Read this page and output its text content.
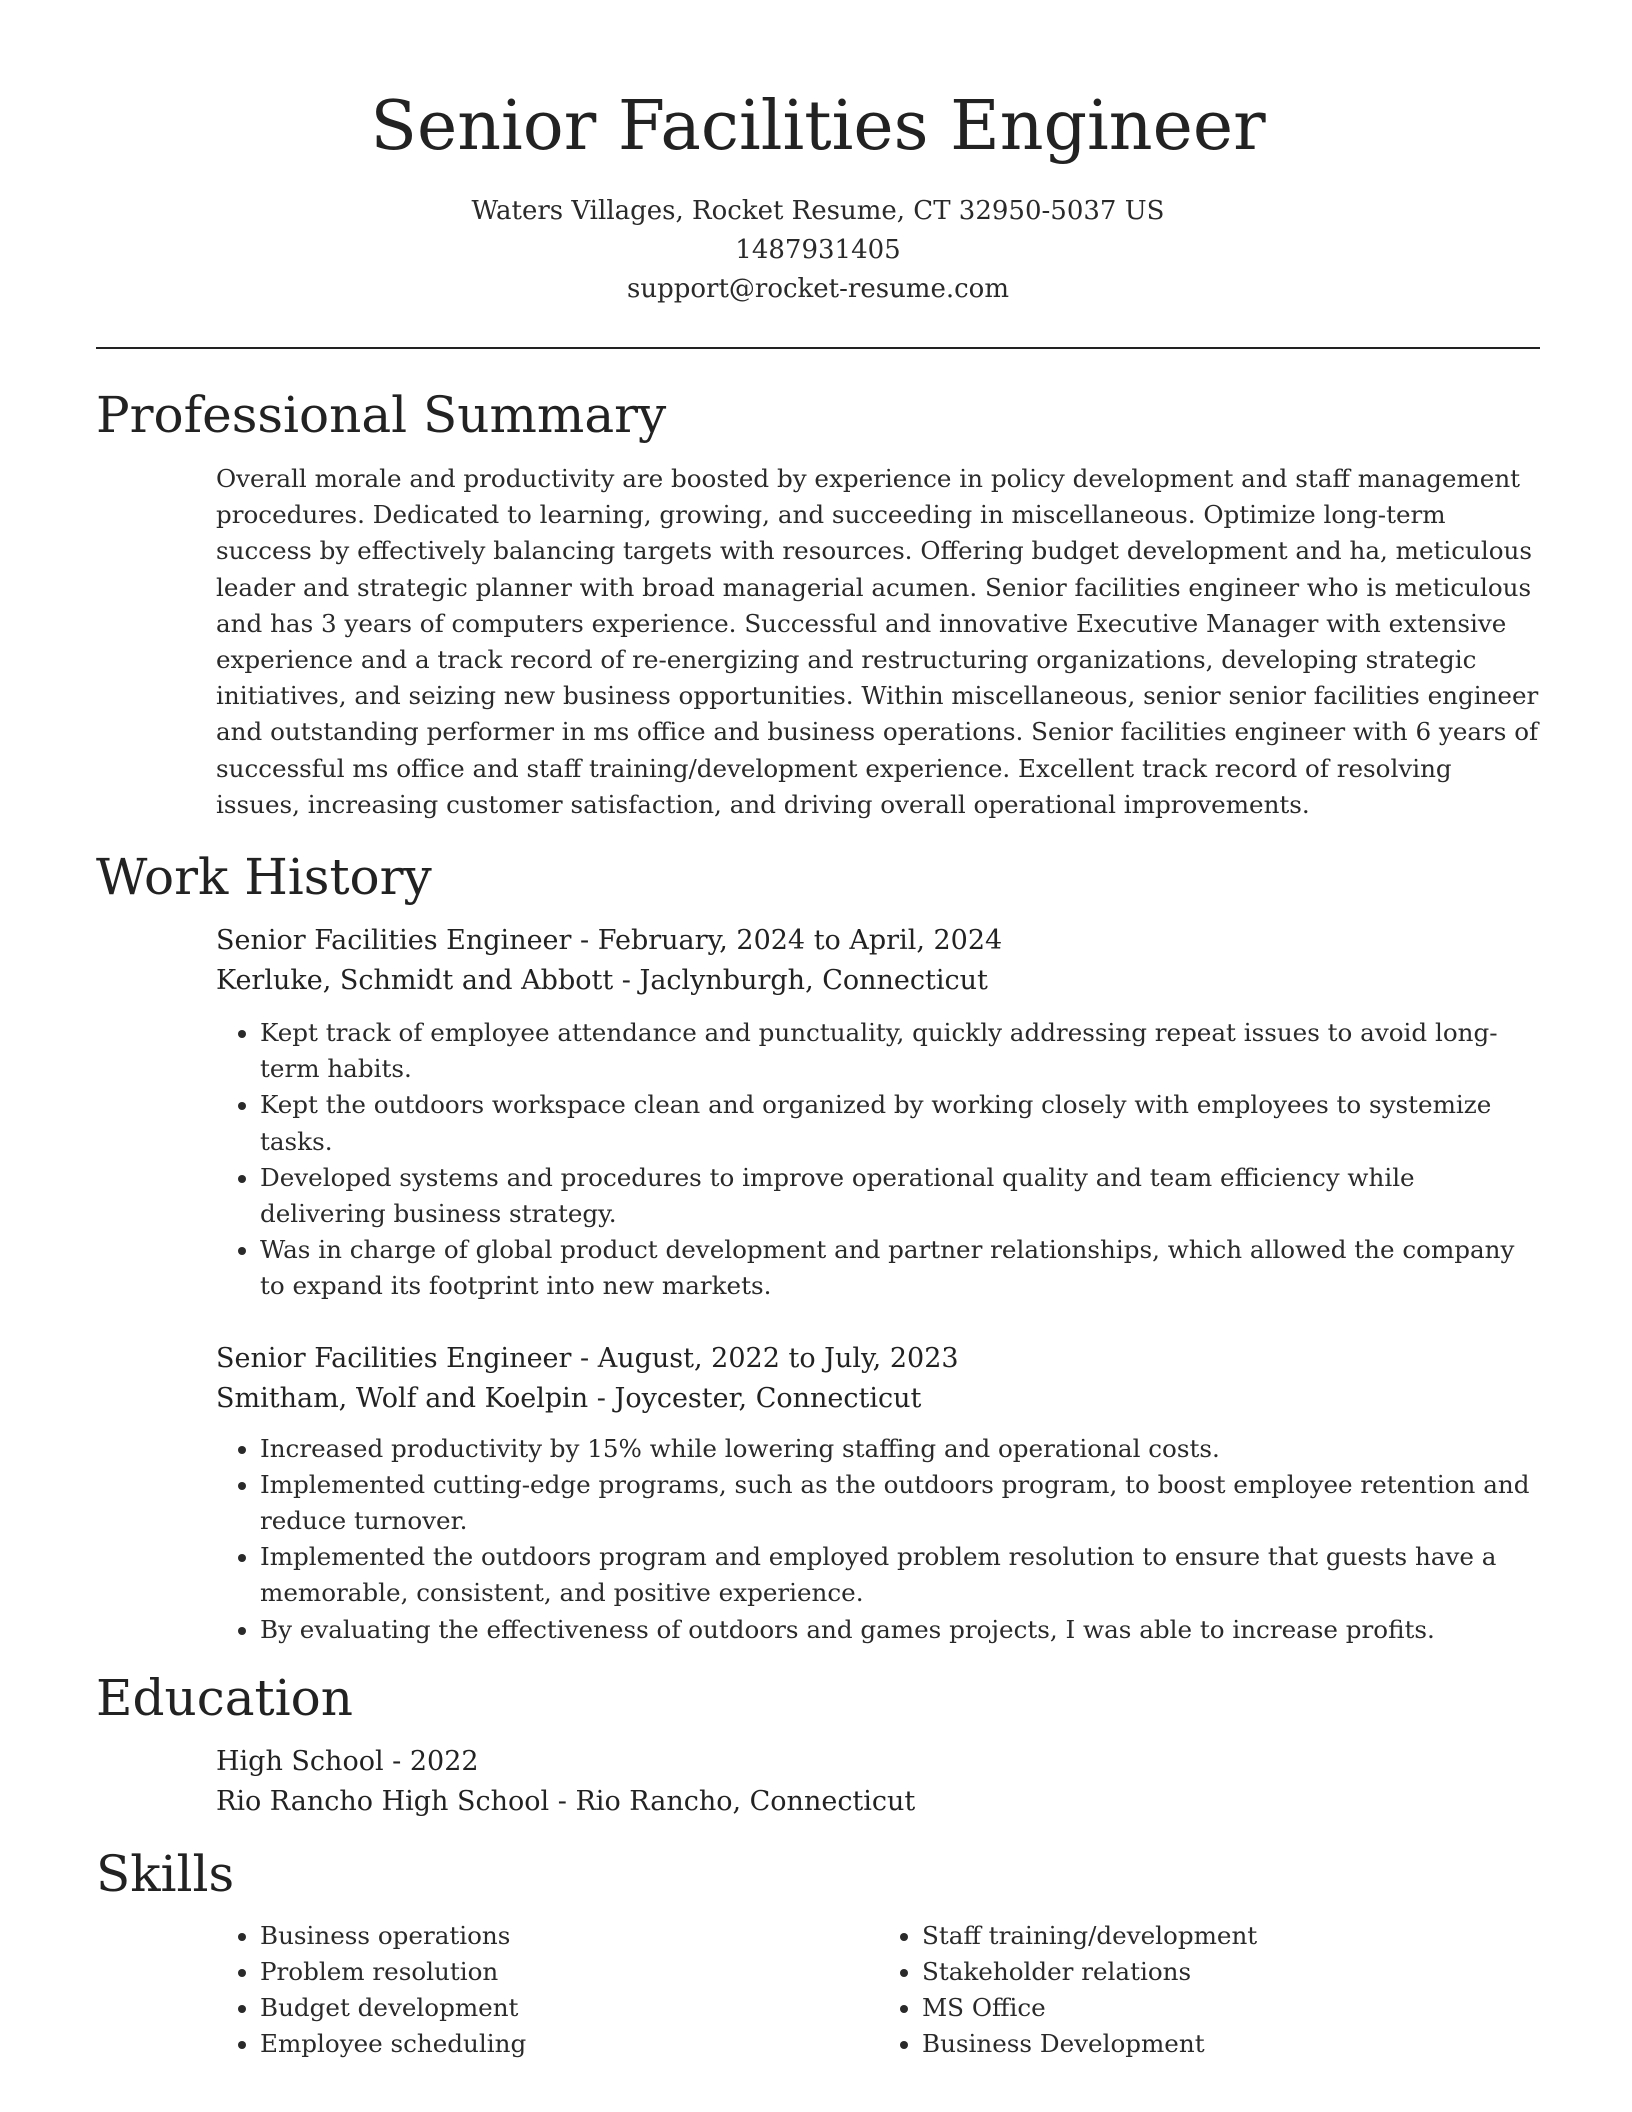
Senior Facilities Engineer
Waters Villages, Rocket Resume, CT 32950-5037 US
1487931405
support@rocket-resume.com
Professional Summary

Overall morale and productivity are boosted by experience in policy development and staff management procedures. Dedicated to learning, growing, and succeeding in miscellaneous. Optimize long-term success by effectively balancing targets with resources. Offering budget development and ha, meticulous leader and strategic planner with broad managerial acumen. Senior facilities engineer who is meticulous and has 3 years of computers experience. Successful and innovative Executive Manager with extensive experience and a track record of re-energizing and restructuring organizations, developing strategic initiatives, and seizing new business opportunities. Within miscellaneous, senior senior facilities engineer and outstanding performer in ms office and business operations. Senior facilities engineer with 6 years of successful ms office and staff training/development experience. Excellent track record of resolving issues, increasing customer satisfaction, and driving overall operational improvements.

Work History
Senior Facilities Engineer - February, 2024 to April, 2024
Kerluke, Schmidt and Abbott - Jaclynburgh, Connecticut
• Kept track of employee attendance and punctuality, quickly addressing repeat issues to avoid long-term habits.
• Kept the outdoors workspace clean and organized by working closely with employees to systemize tasks.
• Developed systems and procedures to improve operational quality and team efficiency while delivering business strategy.
• Was in charge of global product development and partner relationships, which allowed the company to expand its footprint into new markets.
Senior Facilities Engineer - August, 2022 to July, 2023
Smitham, Wolf and Koelpin - Joycester, Connecticut
• Increased productivity by 15% while lowering staffing and operational costs.
• Implemented cutting-edge programs, such as the outdoors program, to boost employee retention and reduce turnover.
• Implemented the outdoors program and employed problem resolution to ensure that guests have a memorable, consistent, and positive experience.
• By evaluating the effectiveness of outdoors and games projects, I was able to increase profits.
Education
High School - 2022
Rio Rancho High School - Rio Rancho, Connecticut
Skills
• Business operations
• Problem resolution
• Budget development
• Employee scheduling
• Staff training/development
• Stakeholder relations
• MS Office
• Business Development
